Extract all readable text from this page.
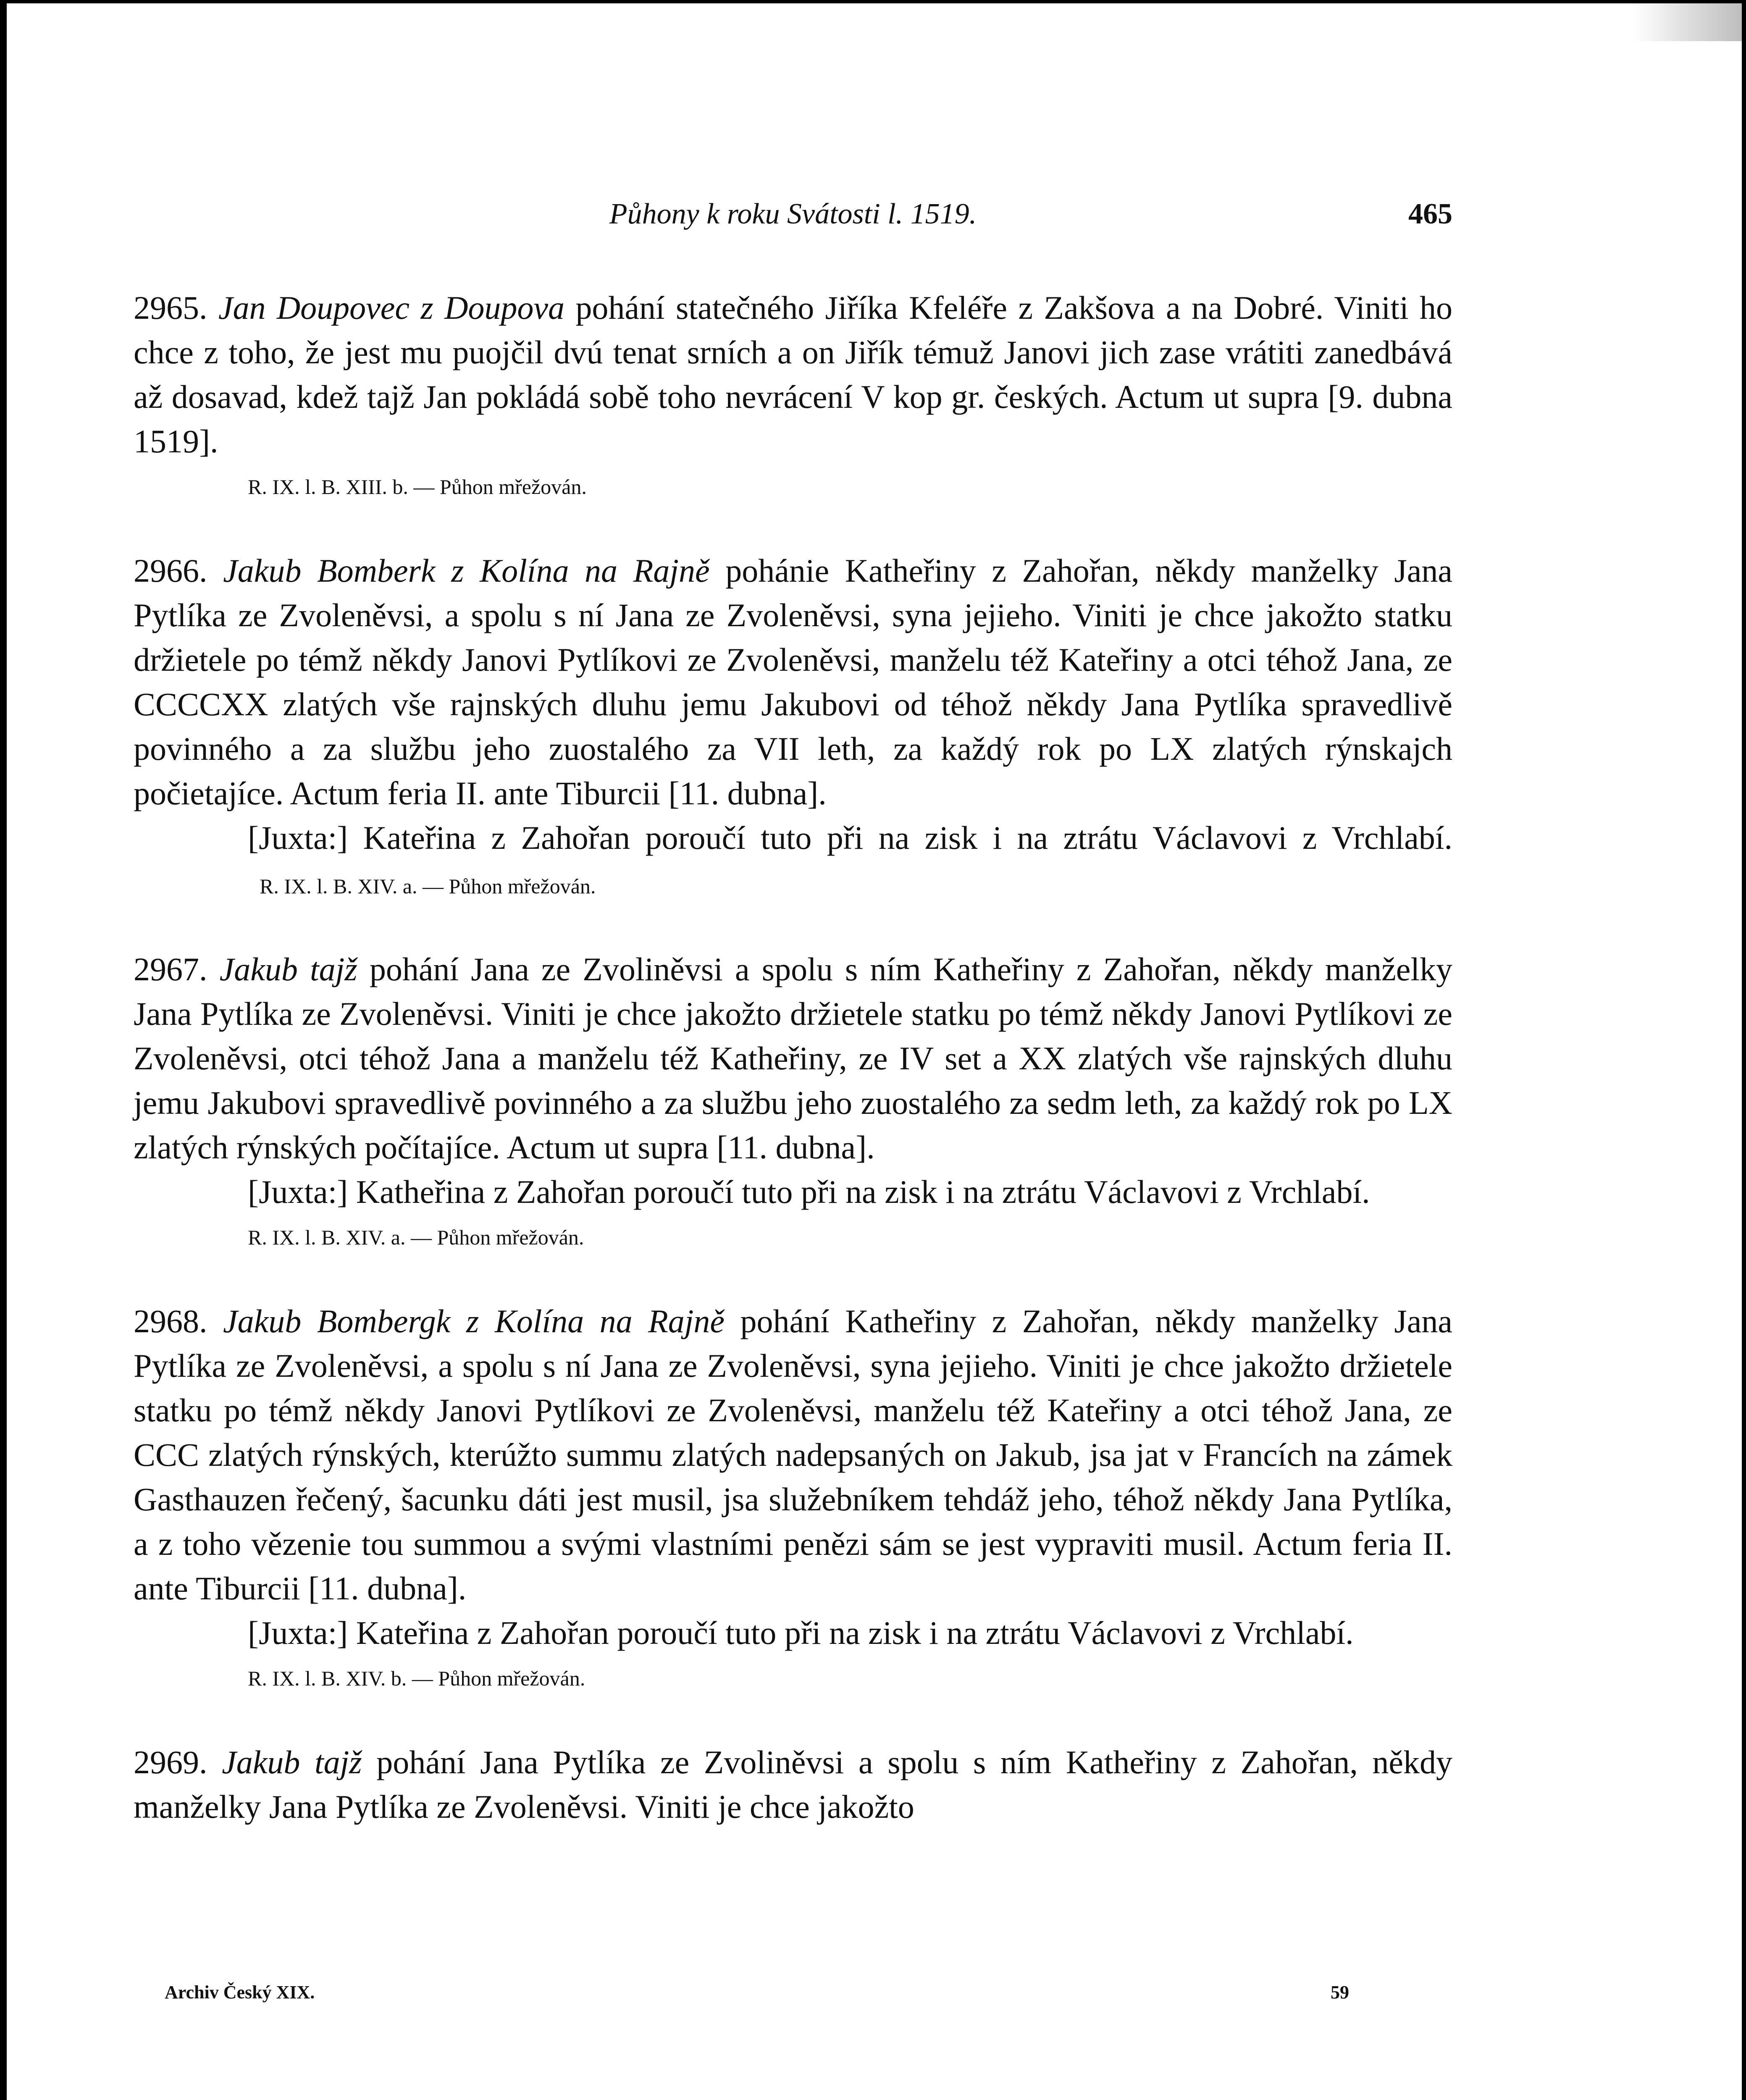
Půhony k roku Svátosti l. 1519.	465

2965. Jan Doupovec z Doupova pohání statečného Jiříka Kfeléře z Zakšova a na Dobré. Viniti ho chce z toho, že jest mu puojčil dvú tenat srních a on Jiřík témuž Janovi jich zase vrátiti zanedbává až dosavad, kdež tajž Jan pokládá sobě toho nevrácení V kop gr. českých. Actum ut supra [9. dubna 1519].

R. IX. l. B. XIII. b. — Půhon mřežován.

2966. Jakub Bomberk z Kolína na Rajně pohánie Katheřiny z Zahořan, někdy manželky Jana Pytlíka ze Zvoleněvsi, a spolu s ní Jana ze Zvoleněvsi, syna jejieho. Viniti je chce jakožto statku držietele po témž někdy Janovi Pytlíkovi ze Zvoleněvsi, manželu též Kateřiny a otci téhož Jana, ze CCCCXX zlatých vše rajnských dluhu jemu Jakubovi od téhož někdy Jana Pytlíka spravedlivě povinného a za službu jeho zuostalého za VII leth, za každý rok po LX zlatých rýnskajch počietajíce. Actum feria II. ante Tiburcii [11. dubna].

[Juxta:] Kateřina z Zahořan poroučí tuto při na zisk i na ztrátu Václavovi z Vrchlabí. R. IX. l. B. XIV. a. — Půhon mřežován.

2967. Jakub tajž pohání Jana ze Zvoliněvsi a spolu s ním Katheřiny z Zahořan, někdy manželky Jana Pytlíka ze Zvoleněvsi. Viniti je chce jakožto držietele statku po témž někdy Janovi Pytlíkovi ze Zvoleněvsi, otci téhož Jana a manželu též Katheřiny, ze IV set a XX zlatých vše rajnských dluhu jemu Jakubovi spravedlivě povinného a za službu jeho zuostalého za sedm leth, za každý rok po LX zlatých rýnských počítajíce. Actum ut supra [11. dubna].

[Juxta:] Katheřina z Zahořan poroučí tuto při na zisk i na ztrátu Václavovi z Vrchlabí.

R. IX. l. B. XIV. a. — Půhon mřežován.

2968. Jakub Bombergk z Kolína na Rajně pohání Katheřiny z Zahořan, někdy manželky Jana Pytlíka ze Zvoleněvsi, a spolu s ní Jana ze Zvoleněvsi, syna jejieho. Viniti je chce jakožto držietele statku po témž někdy Janovi Pytlíkovi ze Zvoleněvsi, manželu též Kateřiny a otci téhož Jana, ze CCC zlatých rýnských, kterúžto summu zlatých nadepsaných on Jakub, jsa jat v Francích na zámek Gasthauzen řečený, šacunku dáti jest musil, jsa služebníkem tehdáž jeho, téhož někdy Jana Pytlíka, a z toho vězenie tou summou a svými vlastními penězi sám se jest vypraviti musil. Actum feria II. ante Tiburcii [11. dubna].

[Juxta:] Kateřina z Zahořan poroučí tuto při na zisk i na ztrátu Václavovi z Vrchlabí.

R. IX. l. B. XIV. b. — Půhon mřežován.

2969. Jakub tajž pohání Jana Pytlíka ze Zvoliněvsi a spolu s ním Katheřiny z Zahořan, někdy manželky Jana Pytlíka ze Zvoleněvsi. Viniti je chce jakožto

Archiv Český XIX.	59
